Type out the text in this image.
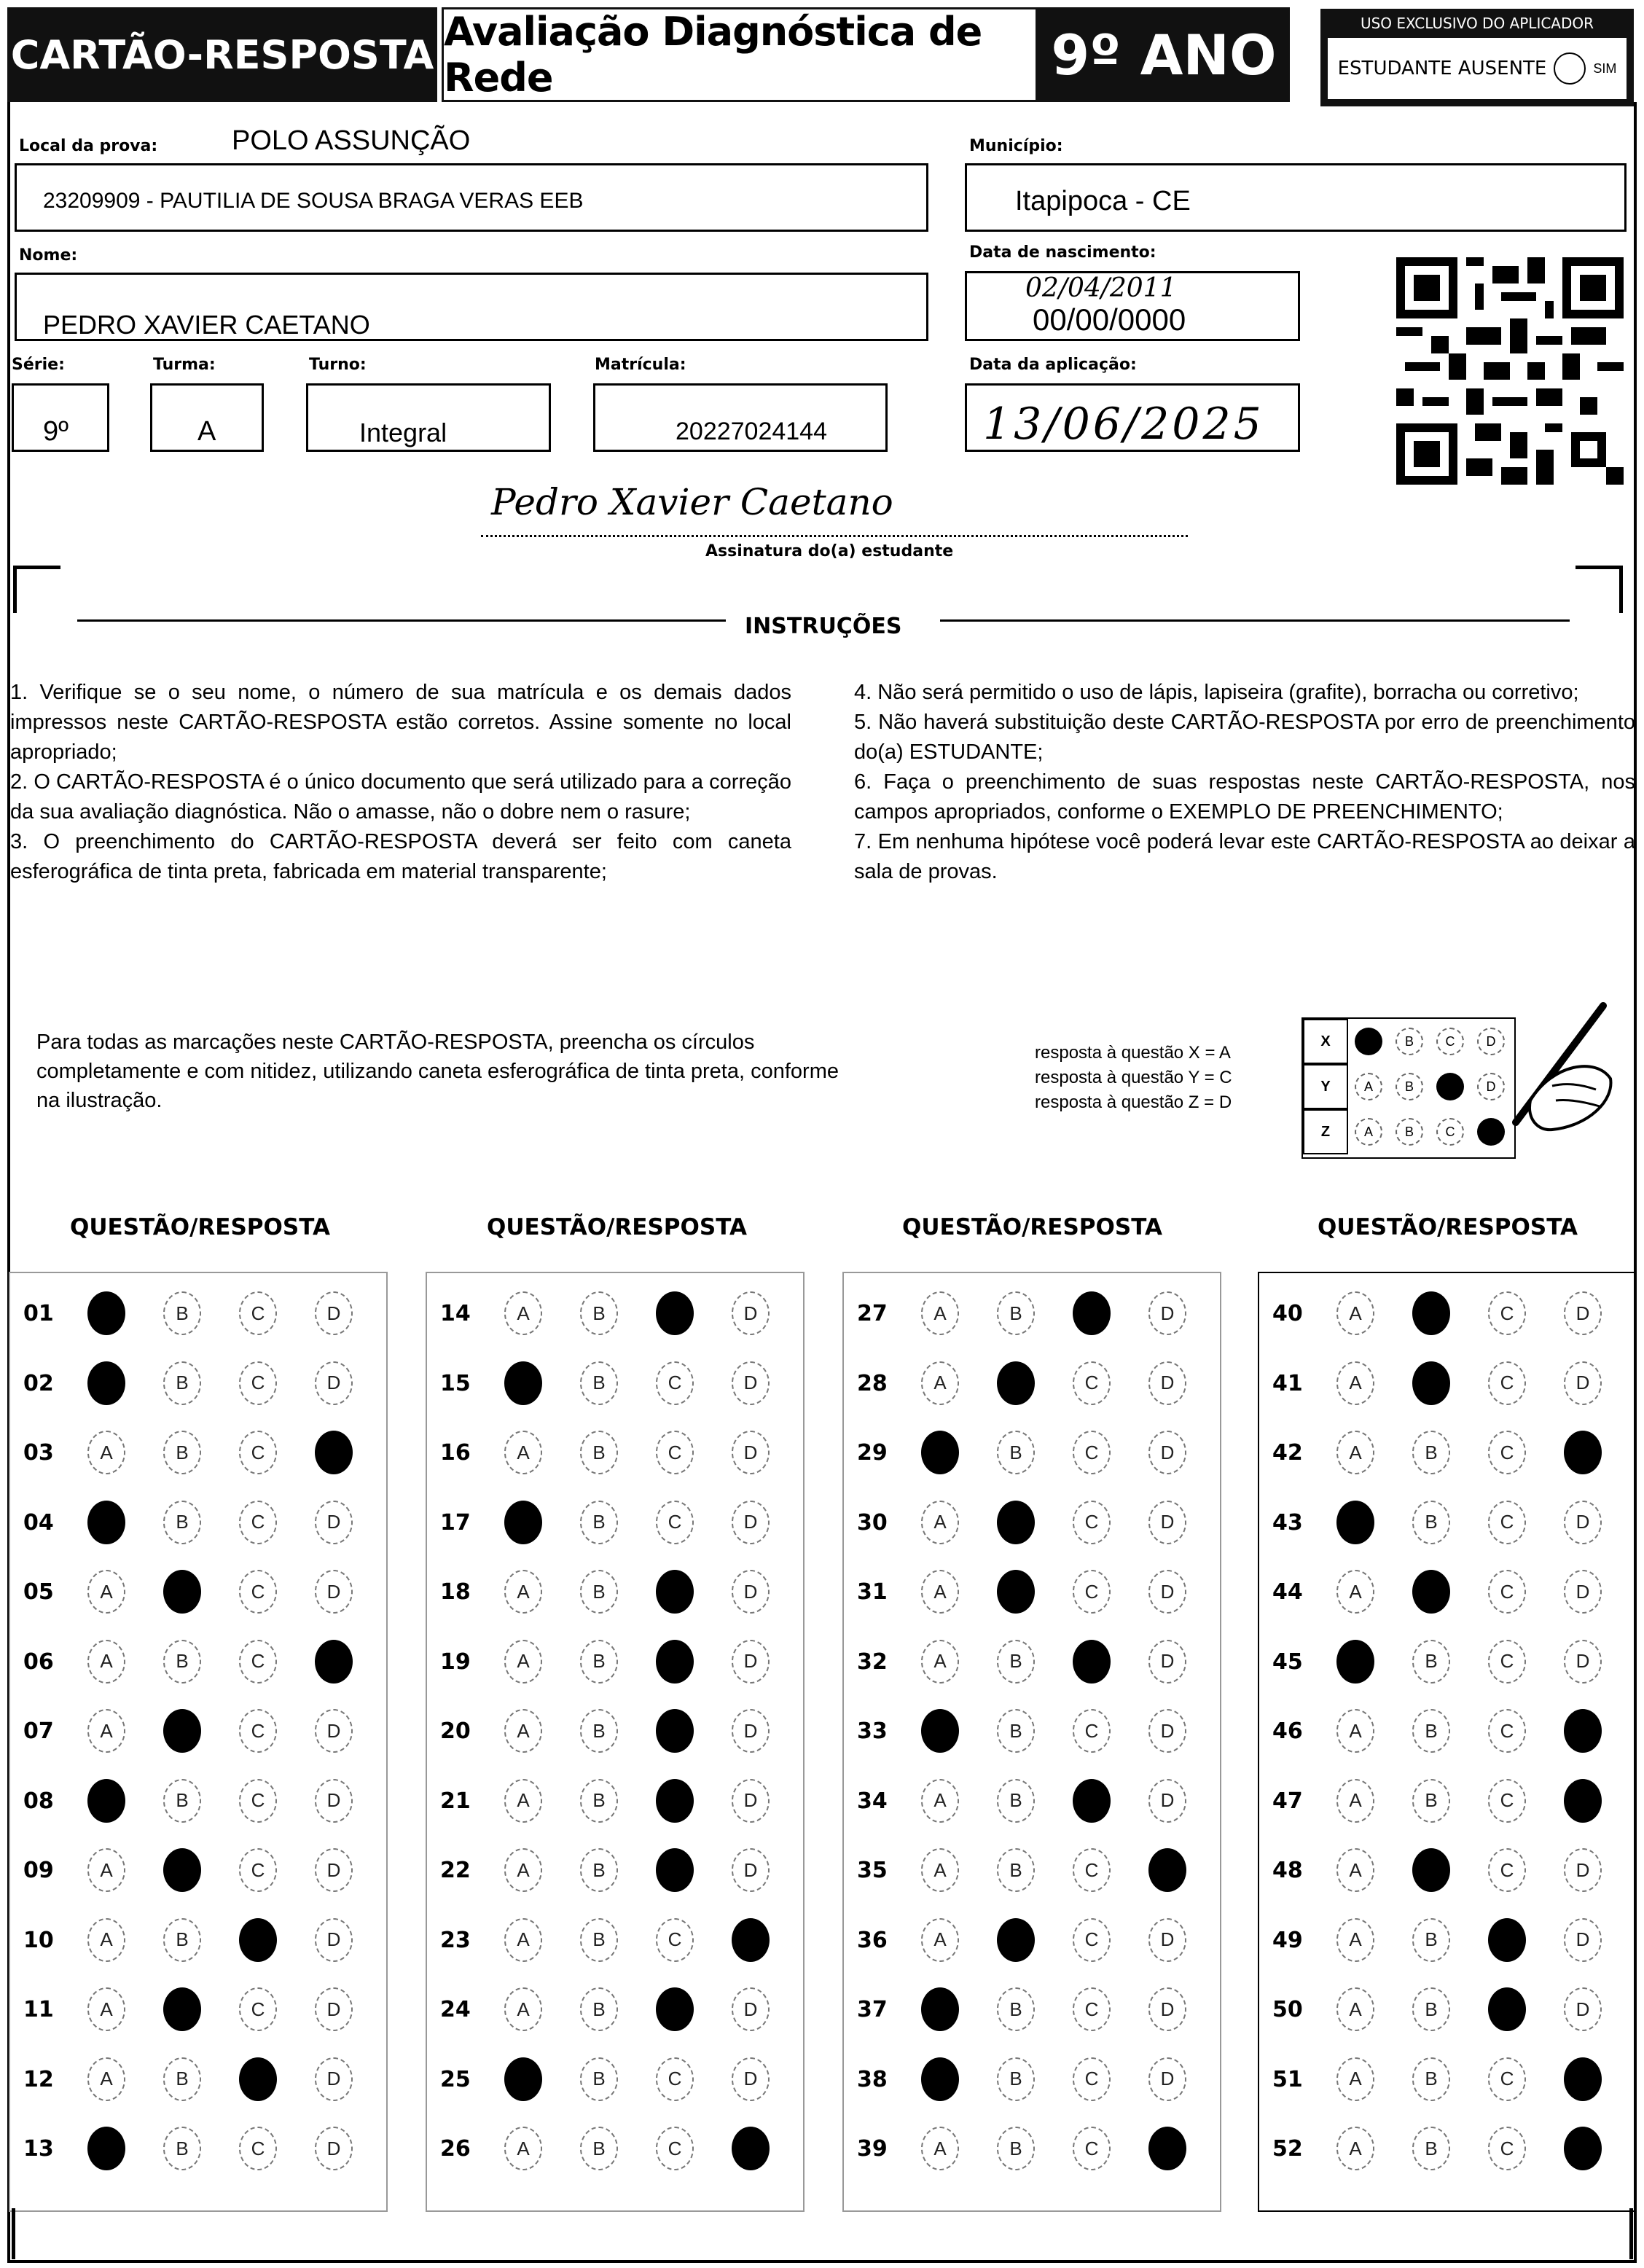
CARTÃO-RESPOSTA Avaliação Diagnóstica de Rede	9º ANO	USO EXCLUSIVO DO APLICADOR
ESTUDANTE AUSENTE	SIM
Local da prova:	POLO ASSUNÇÃO	Município:
23209909 - PAUTILIA DE SOUSA BRAGA VERAS EEB	Itapipoca - CE
Nome:	Data de nascimento:
PEDRO XAVIER CAETANO
02/04/2011
00/00/0000
Série:	Turma:	Turno:	Matrícula:	Data da aplicação:
9º	A	Integral	20227024144	13/06/2025
Pedro Xavier Caetano
Assinatura do(a) estudante
INSTRUÇÕES

1. Verifique se o seu nome, o número de sua matrícula e os demais dados impressos neste CARTÃO-RESPOSTA estão corretos. Assine somente no local apropriado;

2. O CARTÃO-RESPOSTA é o único documento que será utilizado para a correção da sua avaliação diagnóstica. Não o amasse, não o dobre nem o rasure;

3. O preenchimento do CARTÃO-RESPOSTA deverá ser feito com caneta esferográfica de tinta preta, fabricada em material transparente;

4. Não será permitido o uso de lápis, lapiseira (grafite), borracha ou corretivo;

5. Não haverá substituição deste CARTÃO-RESPOSTA por erro de preenchimento do(a) ESTUDANTE;

6. Faça o preenchimento de suas respostas neste CARTÃO-RESPOSTA, nos campos apropriados, conforme o EXEMPLO DE PREENCHIMENTO;

7. Em nenhuma hipótese você poderá levar este CARTÃO-RESPOSTA ao deixar a sala de provas.

Para todas as marcações neste CARTÃO-RESPOSTA, preencha os círculos completamente e com nitidez, utilizando caneta esferográfica de tinta preta, conforme na ilustração.
resposta à questão X = A
resposta à questão Y = C
resposta à questão Z = D
X	A	B	C	D
Y	A	B	C	D
Z	A	B	C	D
QUESTÃO/RESPOSTA	QUESTÃO/RESPOSTA	QUESTÃO/RESPOSTA	QUESTÃO/RESPOSTA
01	A	B	C	D
02	A	B	C	D
03	A	B	C	D
04	A	B	C	D
05	A	B	C	D
06	A	B	C	D
07	A	B	C	D
08	A	B	C	D
09	A	B	C	D
10	A	B	C	D
11	A	B	C	D
12	A	B	C	D
13	A	B	C	D
14	A	B	C	D
15	A	B	C	D
16	A	B	C	D
17	A	B	C	D
18	A	B	C	D
19	A	B	C	D
20	A	B	C	D
21	A	B	C	D
22	A	B	C	D
23	A	B	C	D
24	A	B	C	D
25	A	B	C	D
26	A	B	C	D
27	A	B	C	D
28	A	B	C	D
29	A	B	C	D
30	A	B	C	D
31	A	B	C	D
32	A	B	C	D
33	A	B	C	D
34	A	B	C	D
35	A	B	C	D
36	A	B	C	D
37	A	B	C	D
38	A	B	C	D
39	A	B	C	D
40	A	B	C	D
41	A	B	C	D
42	A	B	C	D
43	A	B	C	D
44	A	B	C	D
45	A	B	C	D
46	A	B	C	D
47	A	B	C	D
48	A	B	C	D
49	A	B	C	D
50	A	B	C	D
51	A	B	C	D
52	A	B	C	D
